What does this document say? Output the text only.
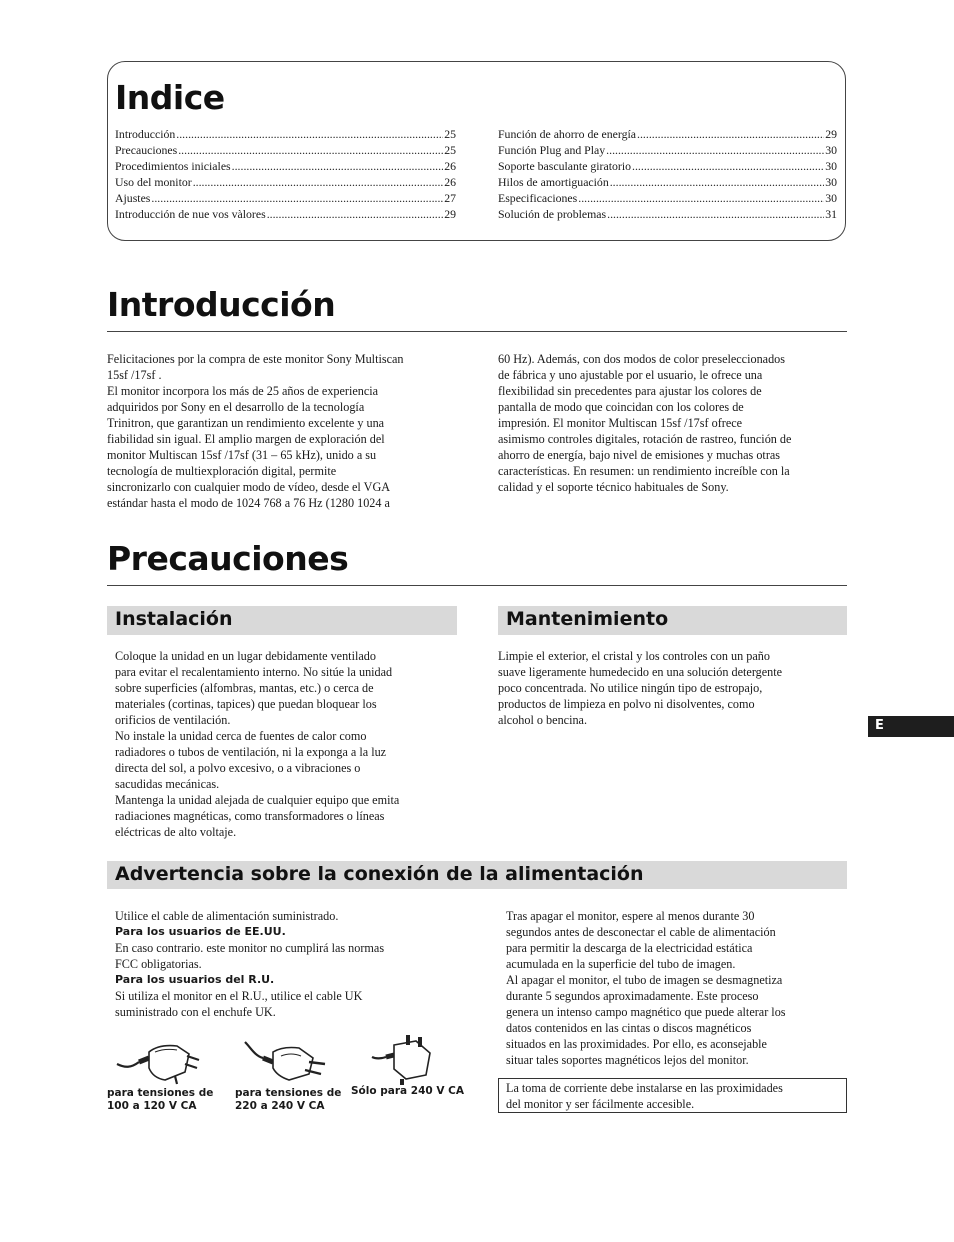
Indice
Introducción .....	25
Precauciones .....	25
Procedimientos iniciales .....	26
Uso del monitor .....	26
Ajustes .....	27
Introducción de nue vos vàlores .....	29
Función de ahorro de energía .....	29
Función Plug and Play .....	30
Soporte basculante giratorio .....	30
Hilos de amortiguación .....	30
Especificaciones .....	30
Solución de problemas .....	31
Introducción
Felicitaciones por la compra de este monitor Sony Multiscan
15sf /17sf .
El monitor incorpora los más de 25 años de experiencia
adquiridos por Sony en el desarrollo de la tecnología
Trinitron, que garantizan un rendimiento excelente y una
fiabilidad sin igual. El amplio margen de exploración del
monitor Multiscan 15sf /17sf (31 – 65 kHz), unido a su
tecnología de multiexploración digital, permite
sincronizarlo con cualquier modo de vídeo, desde el VGA
estándar hasta el modo de 1024 768 a 76 Hz (1280 1024 a
60 Hz). Además, con dos modos de color preseleccionados
de fábrica y uno ajustable por el usuario, le ofrece una
flexibilidad sin precedentes para ajustar los colores de
pantalla de modo que coincidan con los colores de
impresión. El monitor Multiscan 15sf /17sf ofrece
asimismo controles digitales, rotación de rastreo, función de
ahorro de energía, bajo nivel de emisiones y muchas otras
características. En resumen: un rendimiento increíble con la
calidad y el soporte técnico habituales de Sony.
Precauciones
Instalación	Mantenimiento
Coloque la unidad en un lugar debidamente ventilado
para evitar el recalentamiento interno. No sitúe la unidad
sobre superficies (alfombras, mantas, etc.) o cerca de
materiales (cortinas, tapices) que puedan bloquear los
orificios de ventilación.
No instale la unidad cerca de fuentes de calor como
radiadores o tubos de ventilación, ni la exponga a la luz
directa del sol, a polvo excesivo, o a vibraciones o
sacudidas mecánicas.
Mantenga la unidad alejada de cualquier equipo que emita
radiaciones magnéticas, como transformadores o líneas
eléctricas de alto voltaje.
Limpie el exterior, el cristal y los controles con un paño
suave ligeramente humedecido en una solución detergente
poco concentrada. No utilice ningún tipo de estropajo,
productos de limpieza en polvo ni disolventes, como
alcohol o bencina.	E
Advertencia sobre la conexión de la alimentación
Utilice el cable de alimentación suministrado.
Para los usuarios de EE.UU.
En caso contrario. este monitor no cumplirá las normas
FCC obligatorias.
Para los usuarios del R.U.
Si utiliza el monitor en el R.U., utilice el cable UK
suministrado con el enchufe UK.
Tras apagar el monitor, espere al menos durante 30
segundos antes de desconectar el cable de alimentación
para permitir la descarga de la electricidad estática
acumulada en la superficie del tubo de imagen.
Al apagar el monitor, el tubo de imagen se desmagnetiza
durante 5 segundos aproximadamente. Este proceso
genera un intenso campo magnético que puede alterar los
datos contenidos en las cintas o discos magnéticos
situados en las proximidades. Por ello, es aconsejable
situar tales soportes magnéticos lejos del monitor.
La toma de corriente debe instalarse en las proximidades
del monitor y ser fácilmente accesible.
para tensiones de
100 a 120 V CA
para tensiones de
220 a 240 V CA
Sólo para 240 V CA
